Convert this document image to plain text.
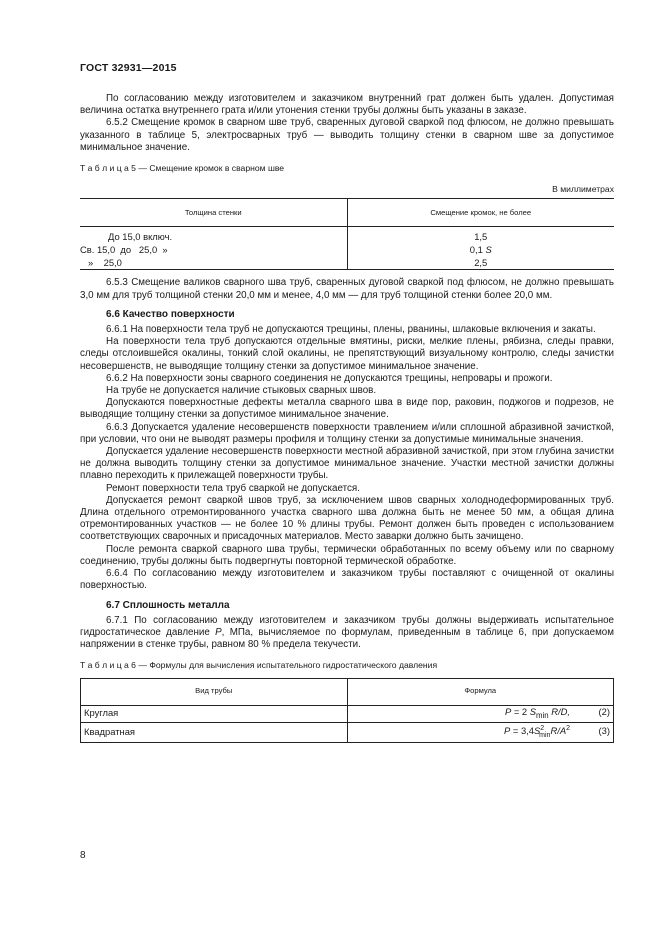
ГОСТ 32931—2015

По согласованию между изготовителем и заказчиком внутренний грат должен быть удален. Допустимая величина остатка внутреннего грата и/или утонения стенки трубы должны быть указаны в заказе.

6.5.2 Смещение кромок в сварном шве труб, сваренных дуговой сваркой под флюсом, не должно превышать указанного в таблице 5, электросварных труб — выводить толщину стенки в сварном шве за допустимое минимальное значение.

Т а б л и ц а 5 — Смещение кромок в сварном шве
В миллиметрах
Толщина стенки	Смещение кромок, не более
До 15,0 включ.	1,5
Св. 15,0  до   25,0  »	0,1 S
»    25,0	2,5

6.5.3 Смещение валиков сварного шва труб, сваренных дуговой сваркой под флюсом, не должно превышать 3,0 мм для труб толщиной стенки 20,0 мм и менее, 4,0 мм — для труб толщиной стенки более 20,0 мм.

6.6 Качество поверхности

6.6.1 На поверхности тела труб не допускаются трещины, плены, рванины, шлаковые включения и закаты.

На поверхности тела труб допускаются отдельные вмятины, риски, мелкие плены, рябизна, следы правки, следы отслоившейся окалины, тонкий слой окалины, не препятствующий визуальному контролю, следы зачистки несовершенств, не выводящие толщину стенки за допустимое минимальное значение.

6.6.2 На поверхности зоны сварного соединения не допускаются трещины, непровары и прожоги.

На трубе не допускается наличие стыковых сварных швов.

Допускаются поверхностные дефекты металла сварного шва в виде пор, раковин, поджогов и подрезов, не выводящие толщину стенки за допустимое минимальное значение.

6.6.3 Допускается удаление несовершенств поверхности травлением и/или сплошной абразивной зачисткой, при условии, что они не выводят размеры профиля и толщину стенки за допустимые минимальные значения.

Допускается удаление несовершенств поверхности местной абразивной зачисткой, при этом глубина зачистки не должна выводить толщину стенки за допустимое минимальное значение. Участки местной зачистки должны плавно переходить к прилежащей поверхности трубы.

Ремонт поверхности тела труб сваркой не допускается.

Допускается ремонт сваркой швов труб, за исключением швов сварных холоднодеформированных труб. Длина отдельного отремонтированного участка сварного шва должна быть не менее 50 мм, а общая длина отремонтированных участков — не более 10 % длины трубы. Ремонт должен быть проведен с использованием соответствующих сварочных и присадочных материалов. Место заварки должно быть зачищено.

После ремонта сваркой сварного шва трубы, термически обработанных по всему объему или по сварному соединению, трубы должны быть подвергнуты повторной термической обработке.

6.6.4 По согласованию между изготовителем и заказчиком трубы поставляют с очищенной от окалины поверхностью.

6.7 Сплошность металла

6.7.1 По согласованию между изготовителем и заказчиком трубы должны выдерживать испытательное гидростатическое давление P, МПа, вычисляемое по формулам, приведенным в таблице 6, при допускаемом напряжении в стенке трубы, равном 80 % предела текучести.

Т а б л и ц а 6 — Формулы для вычисления испытательного гидростатического давления
Вид трубы	Формула
Круглая	P = 2 $S_{min}$ R/D, (2)
Квадратная	$P = 3,4S^2_{min}R/A^2$ (3)
8
